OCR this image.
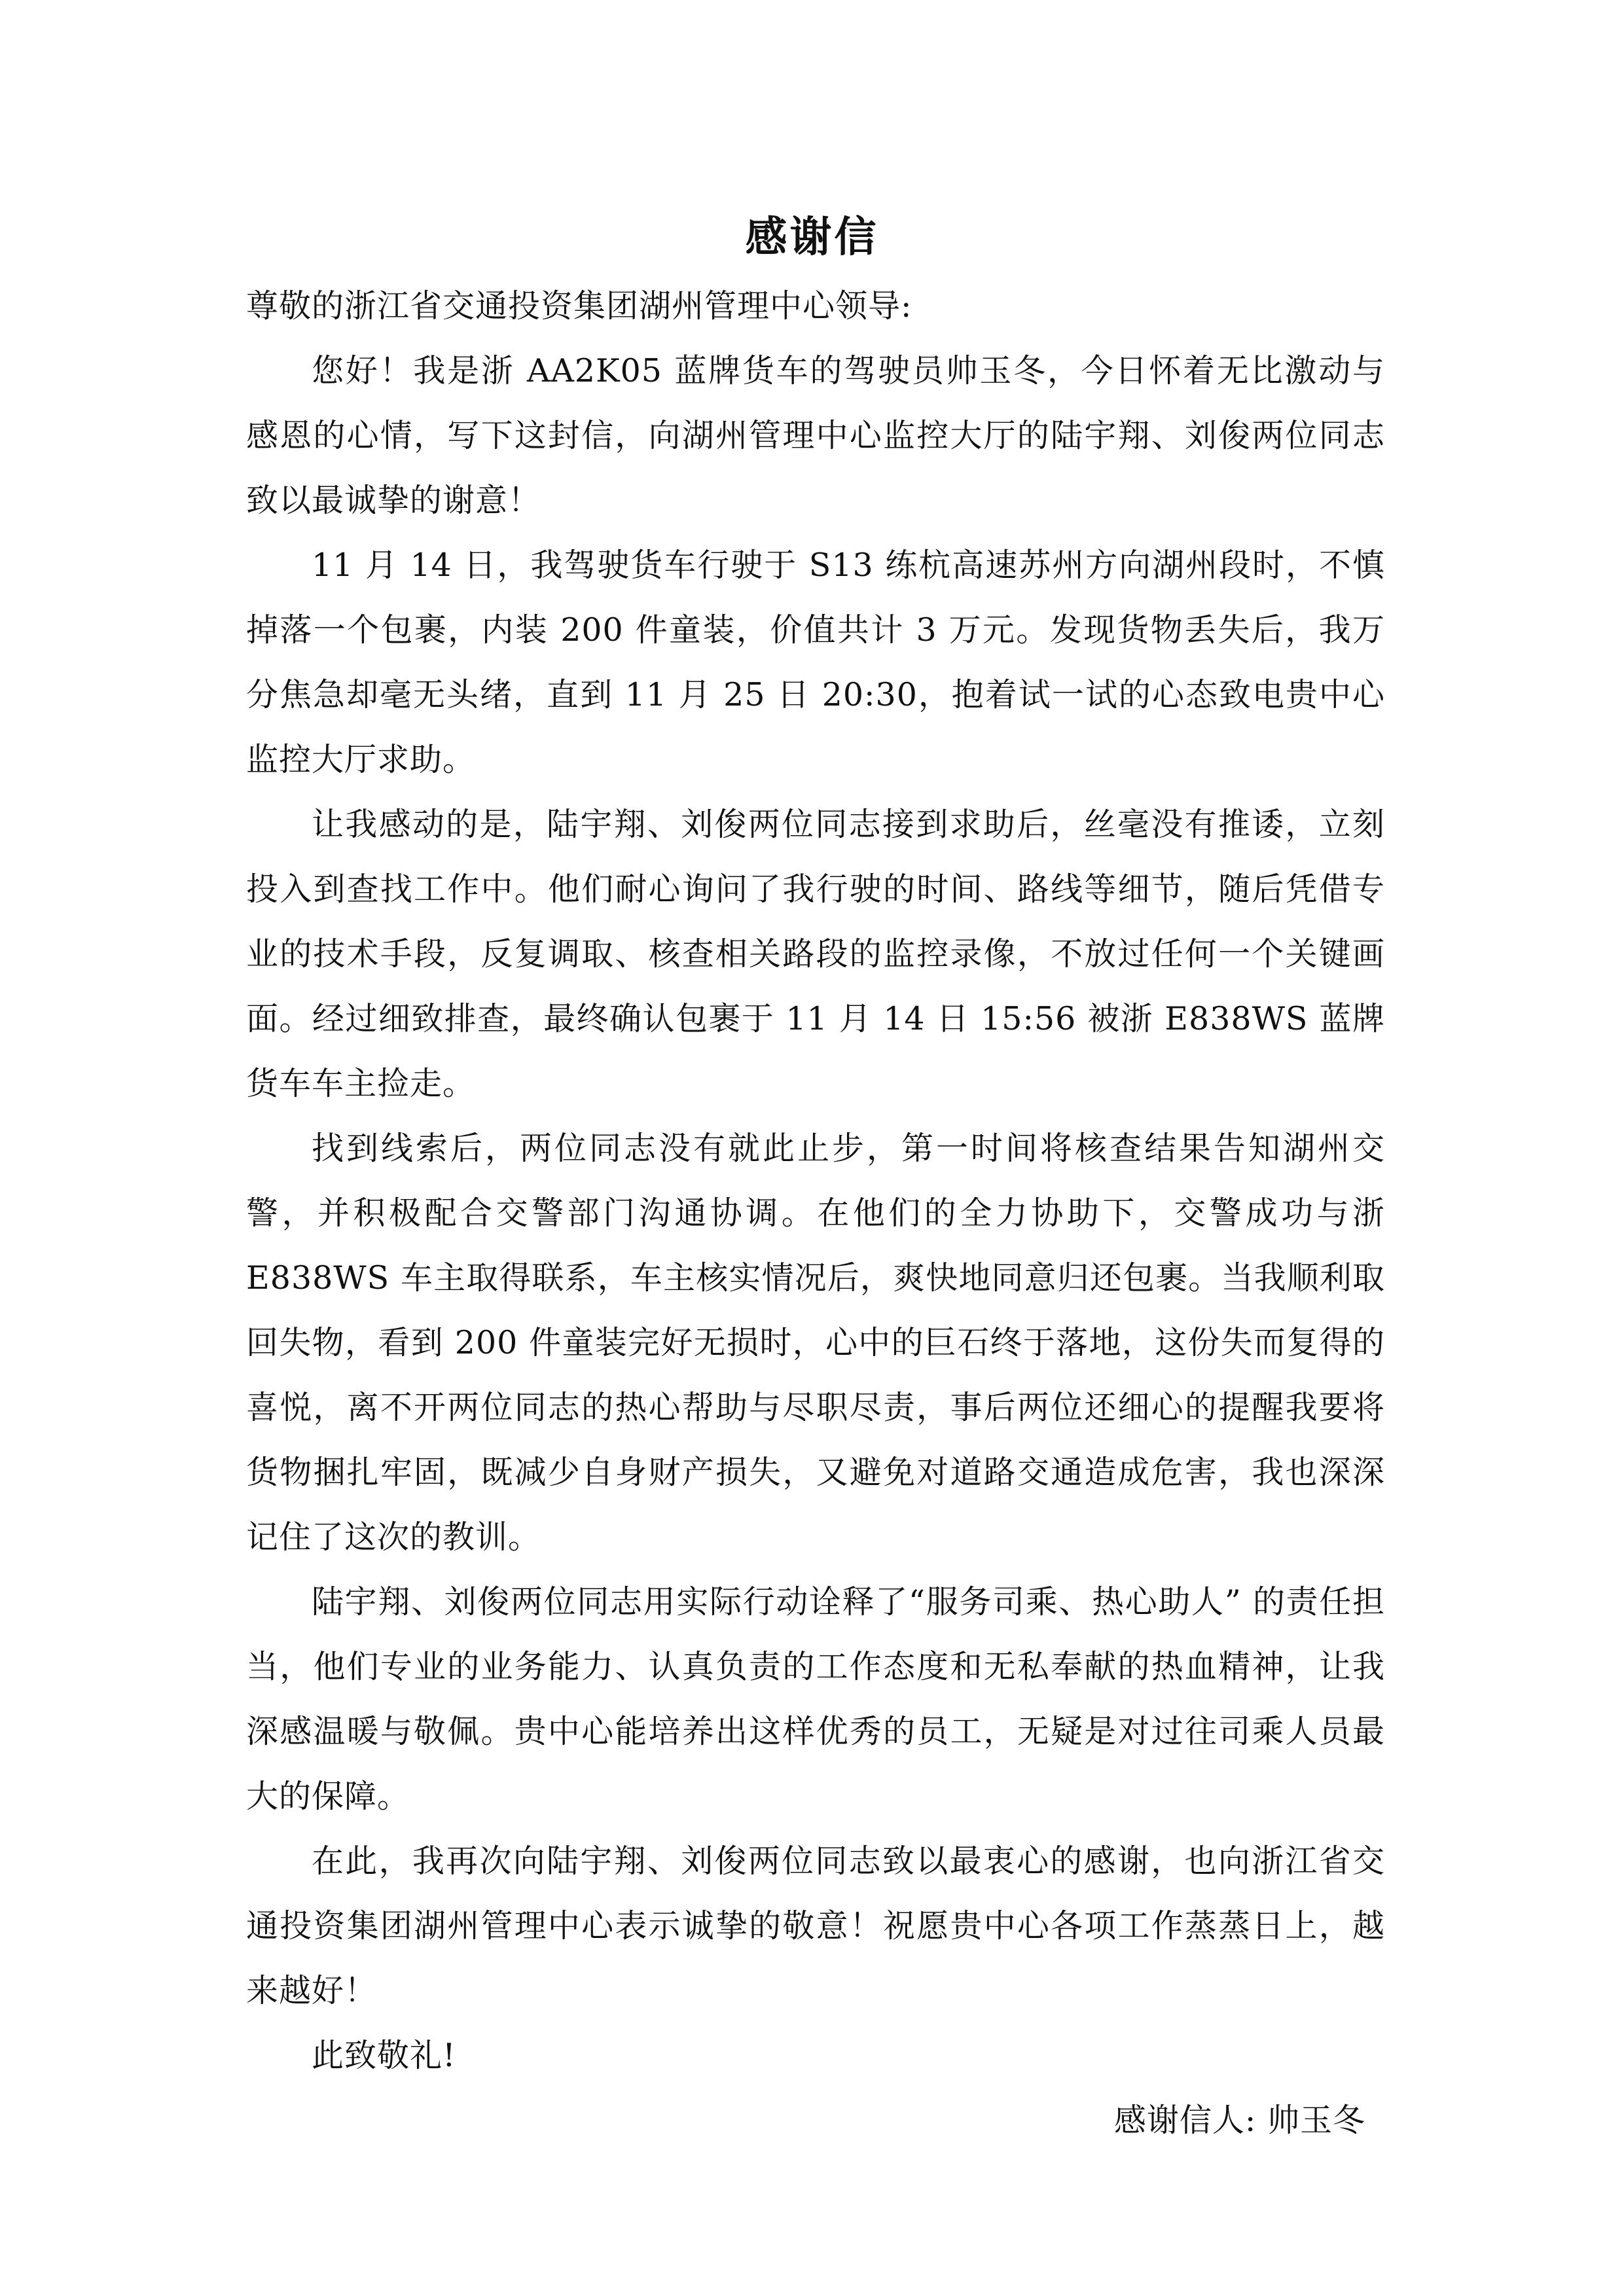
感谢信

尊敬的浙江省交通投资集团湖州管理中心领导:

您好！我是浙 AA2K05 蓝牌货车的驾驶员帅玉冬，今日怀着无比激动与感恩的心情，写下这封信，向湖州管理中心监控大厅的陆宇翔、刘俊两位同志致以最诚挚的谢意！

11 月 14 日，我驾驶货车行驶于 S13 练杭高速苏州方向湖州段时，不慎掉落一个包裹，内装 200 件童装，价值共计 3 万元。发现货物丢失后，我万分焦急却毫无头绪，直到 11 月 25 日 20:30，抱着试一试的心态致电贵中心监控大厅求助。

让我感动的是，陆宇翔、刘俊两位同志接到求助后，丝毫没有推诿，立刻投入到查找工作中。他们耐心询问了我行驶的时间、路线等细节，随后凭借专业的技术手段，反复调取、核查相关路段的监控录像，不放过任何一个关键画面。经过细致排查，最终确认包裹于 11 月 14 日 15:56 被浙 E838WS 蓝牌货车车主捡走。

找到线索后，两位同志没有就此止步，第一时间将核查结果告知湖州交警，并积极配合交警部门沟通协调。在他们的全力协助下，交警成功与浙 E838WS 车主取得联系，车主核实情况后，爽快地同意归还包裹。当我顺利取回失物，看到 200 件童装完好无损时，心中的巨石终于落地，这份失而复得的喜悦，离不开两位同志的热心帮助与尽职尽责，事后两位还细心的提醒我要将货物捆扎牢固，既减少自身财产损失，又避免对道路交通造成危害，我也深深记住了这次的教训。

陆宇翔、刘俊两位同志用实际行动诠释了“服务司乘、热心助人” 的责任担当，他们专业的业务能力、认真负责的工作态度和无私奉献的热血精神，让我深感温暖与敬佩。贵中心能培养出这样优秀的员工，无疑是对过往司乘人员最大的保障。

在此，我再次向陆宇翔、刘俊两位同志致以最衷心的感谢，也向浙江省交通投资集团湖州管理中心表示诚挚的敬意！祝愿贵中心各项工作蒸蒸日上，越来越好！

此致敬礼!

感谢信人: 帅玉冬
